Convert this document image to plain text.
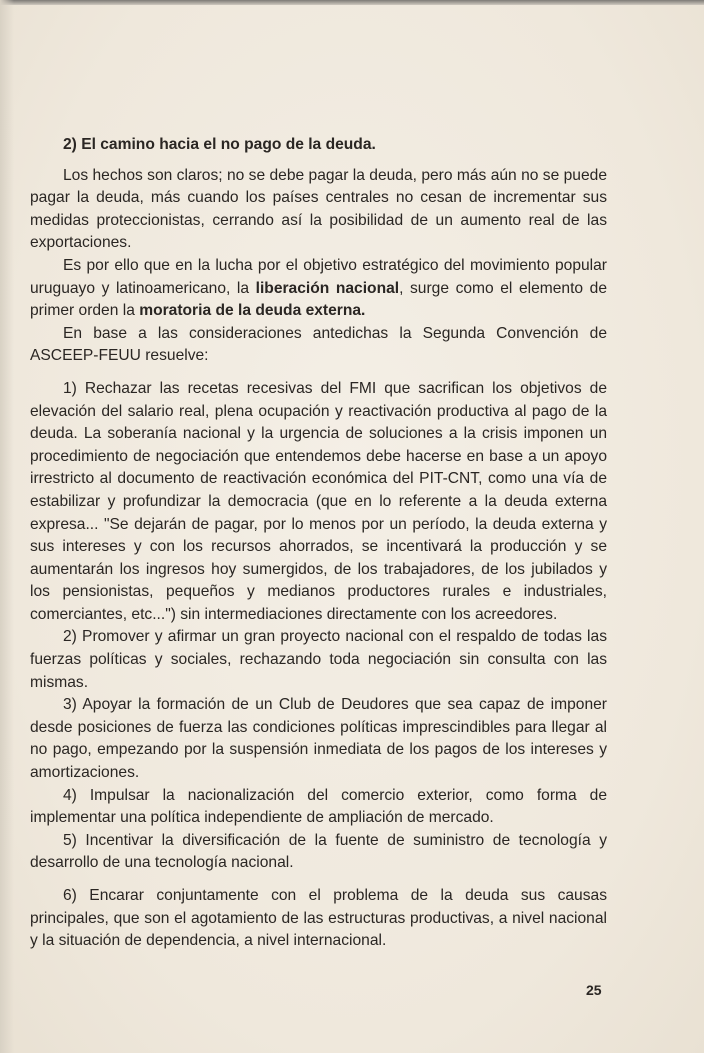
2) El camino hacia el no pago de la deuda.

Los hechos son claros; no se debe pagar la deuda, pero más aún no se puede pagar la deuda, más cuando los países centrales no cesan de incrementar sus medidas proteccionistas, cerrando así la posibilidad de un aumento real de las exportaciones.

Es por ello que en la lucha por el objetivo estratégico del movimiento popular uruguayo y latinoamericano, la liberación nacional, surge como el elemento de primer orden la moratoria de la deuda externa.

En base a las consideraciones antedichas la Segunda Convención de ASCEEP-FEUU resuelve:

1) Rechazar las recetas recesivas del FMI que sacrifican los objetivos de elevación del salario real, plena ocupación y reactivación productiva al pago de la deuda. La soberanía nacional y la urgencia de soluciones a la crisis imponen un procedimiento de negociación que entendemos debe hacerse en base a un apoyo irrestricto al documento de reactivación económica del PIT-CNT, como una vía de estabilizar y profundizar la democracia (que en lo referente a la deuda externa expresa... "Se dejarán de pagar, por lo menos por un período, la deuda externa y sus intereses y con los recursos ahorrados, se incentivará la producción y se aumentarán los ingresos hoy sumergidos, de los trabajadores, de los jubilados y los pensionistas, pequeños y medianos productores rurales e industriales, comerciantes, etc...") sin intermediaciones directamente con los acreedores.

2) Promover y afirmar un gran proyecto nacional con el respaldo de todas las fuerzas políticas y sociales, rechazando toda negociación sin consulta con las mismas.

3) Apoyar la formación de un Club de Deudores que sea capaz de imponer desde posiciones de fuerza las condiciones políticas imprescindibles para llegar al no pago, empezando por la suspensión inmediata de los pagos de los intereses y amortizaciones.

4) Impulsar la nacionalización del comercio exterior, como forma de implementar una política independiente de ampliación de mercado.

5) Incentivar la diversificación de la fuente de suministro de tecnología y desarrollo de una tecnología nacional.

6) Encarar conjuntamente con el problema de la deuda sus causas principales, que son el agotamiento de las estructuras productivas, a nivel nacional y la situación de dependencia, a nivel internacional.

25
